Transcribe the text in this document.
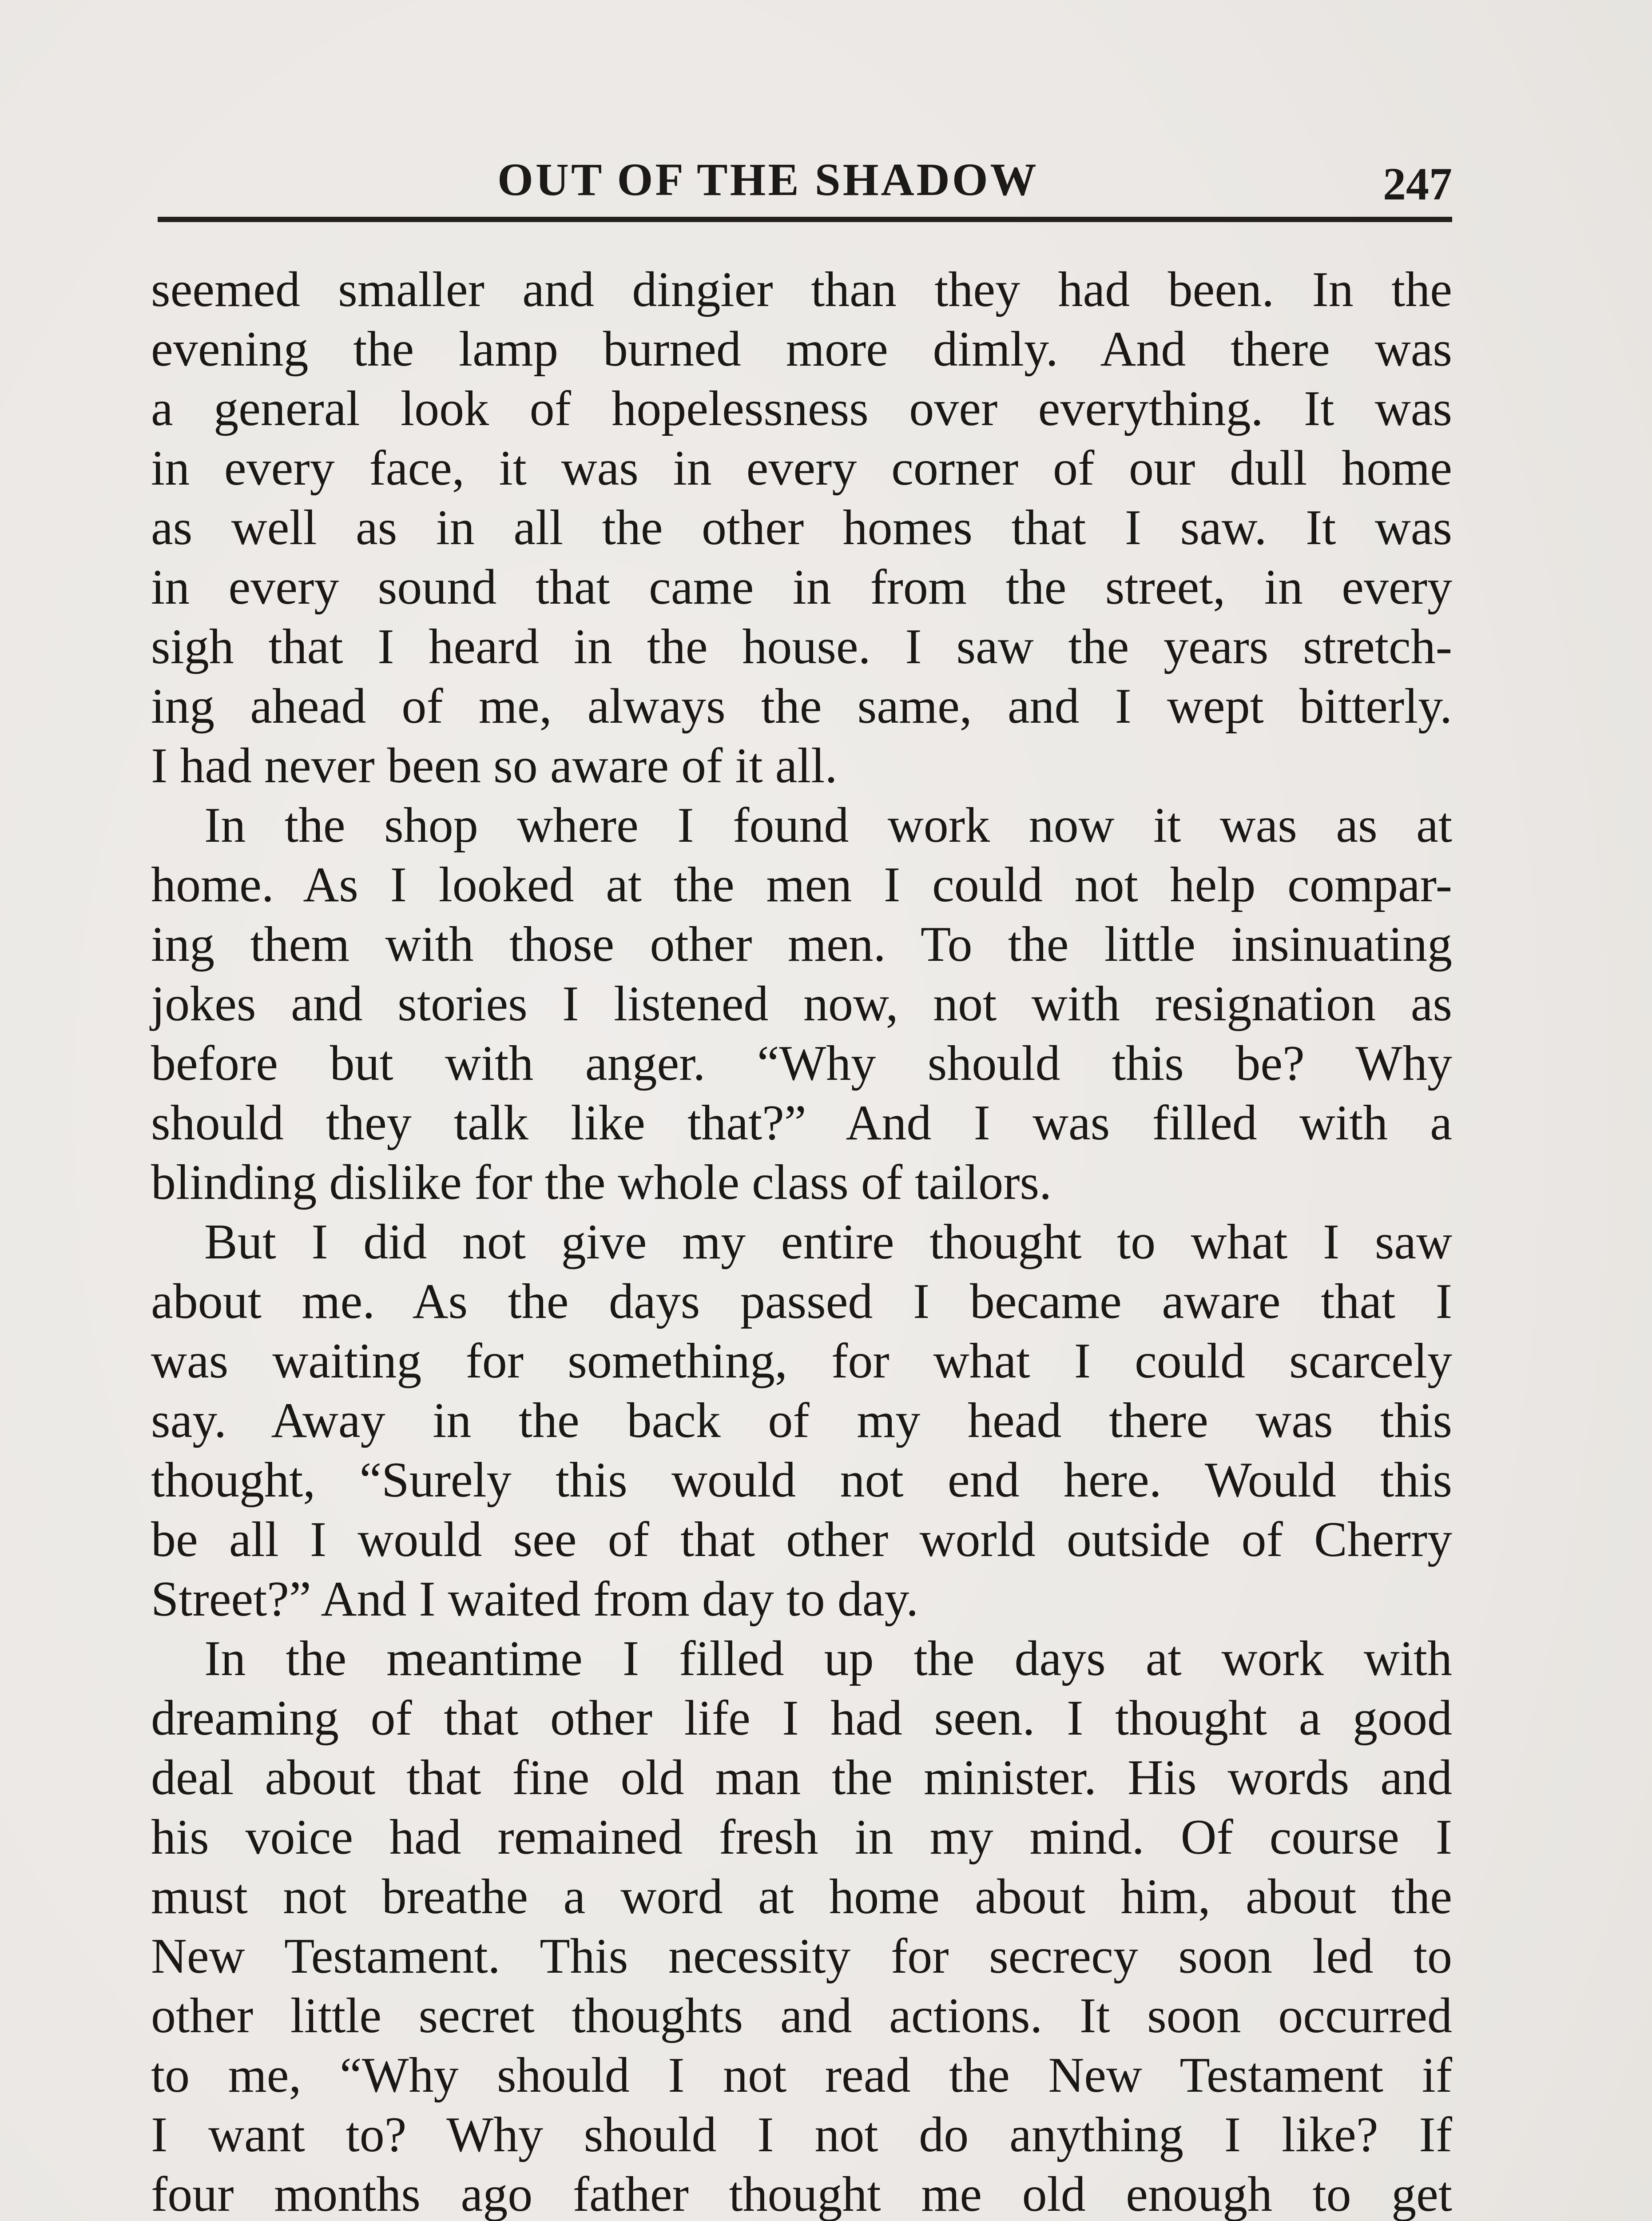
OUT OF THE SHADOW	247
seemed smaller and dingier than they had been. In the
evening the lamp burned more dimly. And there was
a general look of hopelessness over everything. It was
in every face, it was in every corner of our dull home
as well as in all the other homes that I saw. It was
in every sound that came in from the street, in every
sigh that I heard in the house. I saw the years stretch-
ing ahead of me, always the same, and I wept bitterly.
I had never been so aware of it all.
In the shop where I found work now it was as at
home. As I looked at the men I could not help compar-
ing them with those other men. To the little insinuating
jokes and stories I listened now, not with resignation as
before but with anger. “Why should this be? Why
should they talk like that?” And I was filled with a
blinding dislike for the whole class of tailors.
But I did not give my entire thought to what I saw
about me. As the days passed I became aware that I
was waiting for something, for what I could scarcely
say. Away in the back of my head there was this
thought, “Surely this would not end here. Would this
be all I would see of that other world outside of Cherry
Street?” And I waited from day to day.
In the meantime I filled up the days at work with
dreaming of that other life I had seen. I thought a good
deal about that fine old man the minister. His words and
his voice had remained fresh in my mind. Of course I
must not breathe a word at home about him, about the
New Testament. This necessity for secrecy soon led to
other little secret thoughts and actions. It soon occurred
to me, “Why should I not read the New Testament if
I want to? Why should I not do anything I like? If
four months ago father thought me old enough to get
